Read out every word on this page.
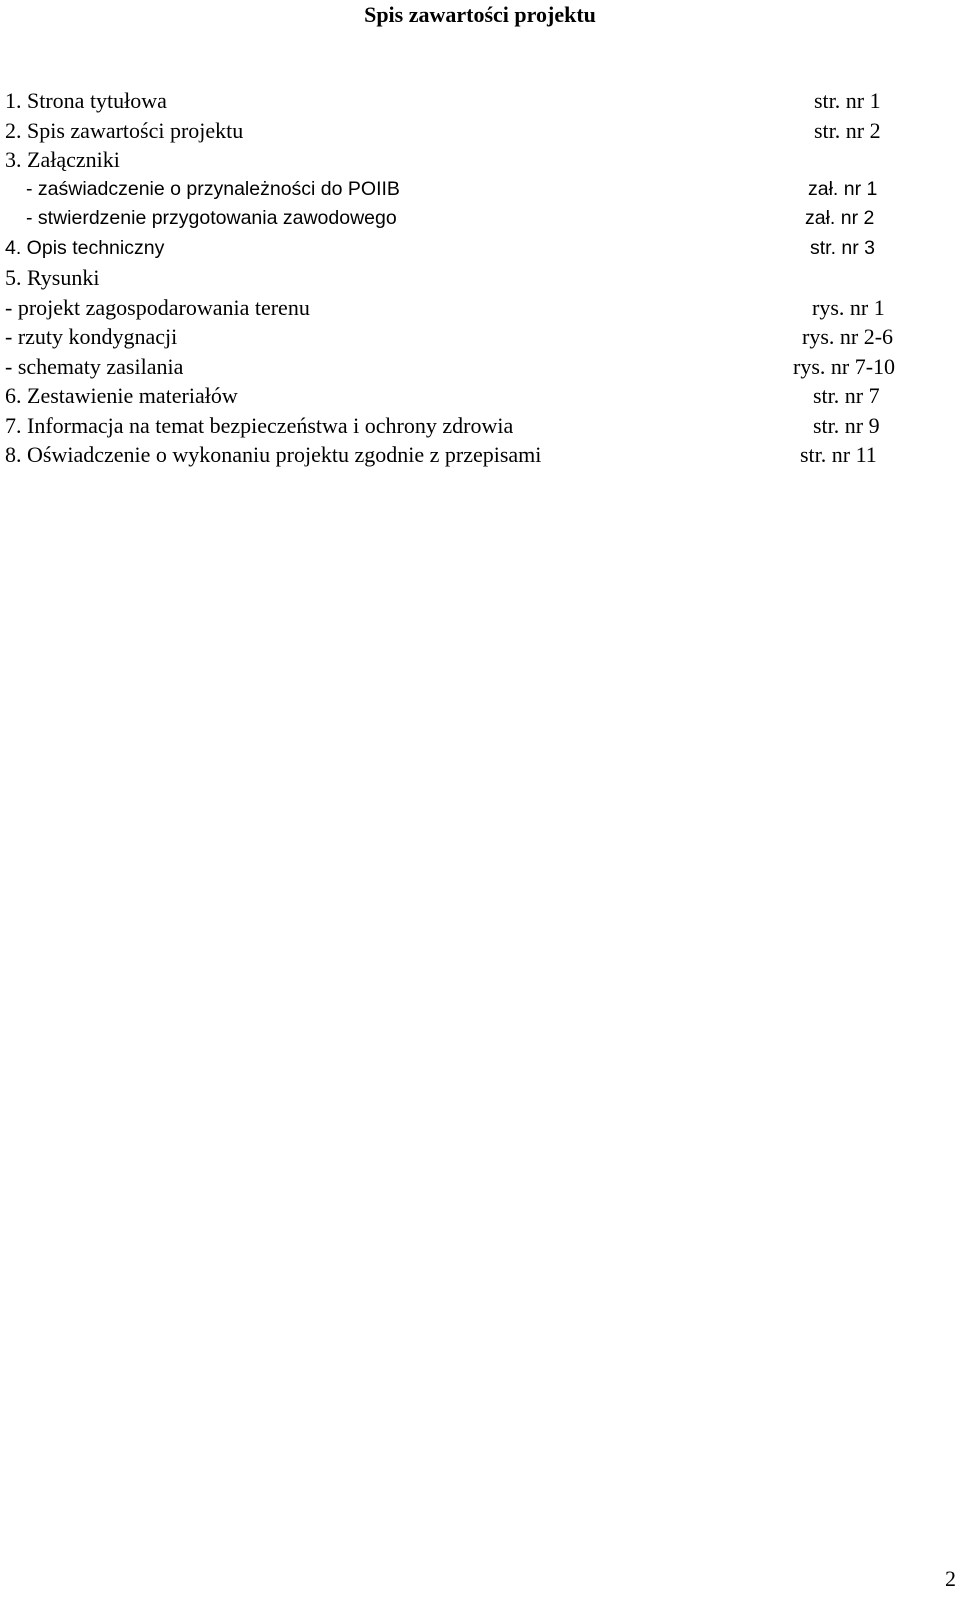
Spis zawartości projektu
1. Strona tytułowa	str. nr 1
2. Spis zawartości projektu	str. nr 2
3. Załączniki
- zaświadczenie o przynależności do POIIB	zał. nr 1
- stwierdzenie przygotowania zawodowego	zał. nr 2
4. Opis techniczny	str. nr 3
5. Rysunki
- projekt zagospodarowania terenu	rys. nr 1
- rzuty kondygnacji	rys. nr 2-6
- schematy zasilania	rys. nr 7-10
6. Zestawienie materiałów	str. nr 7
7. Informacja na temat bezpieczeństwa i ochrony zdrowia	str. nr 9
8. Oświadczenie o wykonaniu projektu zgodnie z przepisami	str. nr 11
2
